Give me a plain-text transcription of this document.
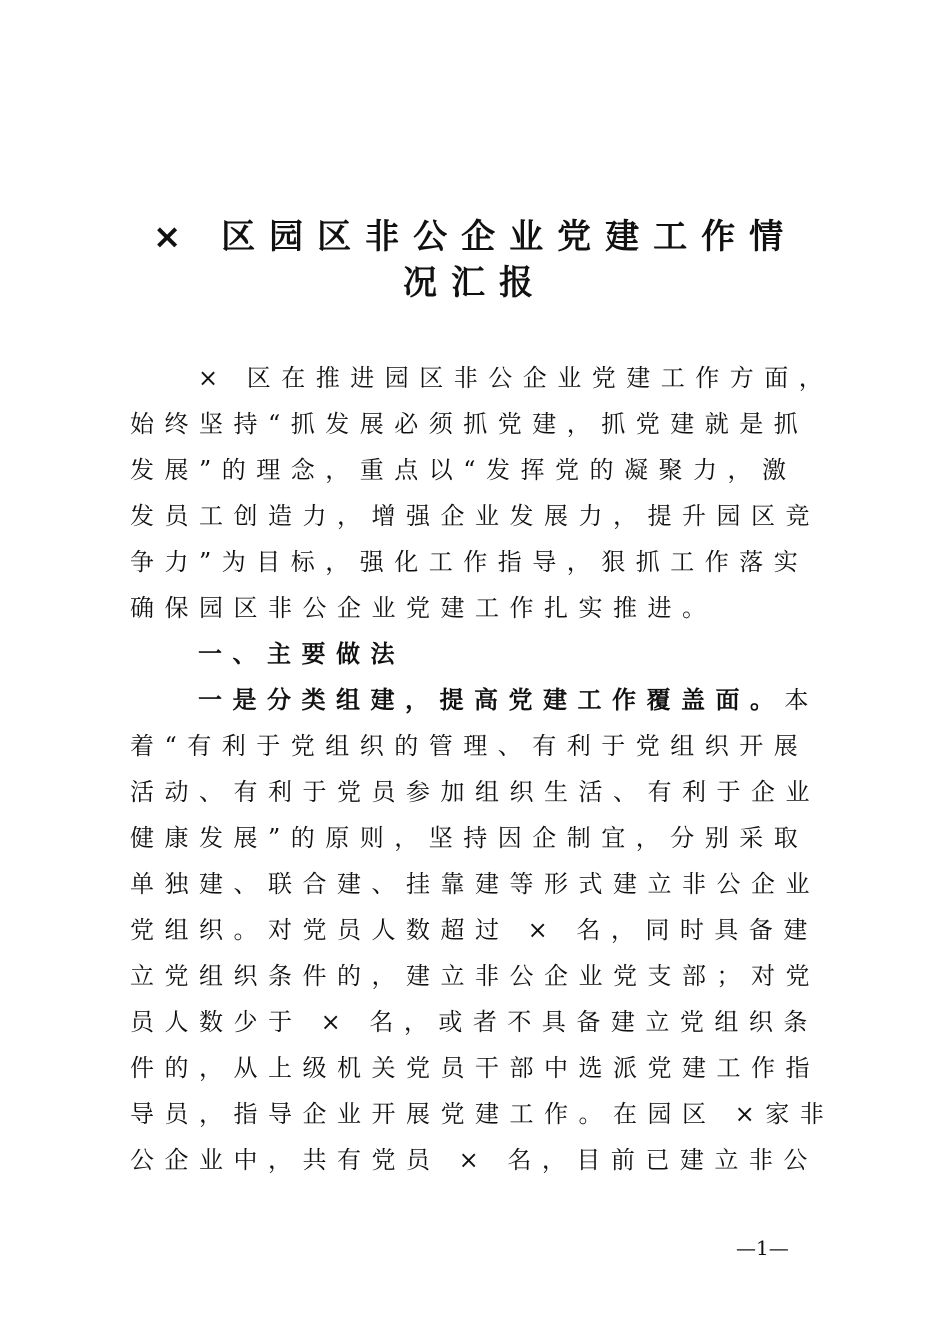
× 区园区非公企业党建工作情
况汇报
× 区在推进园区非公企业党建工作方面，
始终坚持“抓发展必须抓党建，抓党建就是抓
发展”的理念，重点以“发挥党的凝聚力，激
发员工创造力，增强企业发展力，提升园区竞
争力”为目标，强化工作指导，狠抓工作落实
确保园区非公企业党建工作扎实推进。
一、主要做法
一是分类组建，提高党建工作覆盖面。本
着“有利于党组织的管理、有利于党组织开展
活动、有利于党员参加组织生活、有利于企业
健康发展”的原则，坚持因企制宜，分别采取
单独建、联合建、挂靠建等形式建立非公企业
党组织。对党员人数超过 × 名，同时具备建
立党组织条件的，建立非公企业党支部；对党
员人数少于 × 名，或者不具备建立党组织条
件的，从上级机关党员干部中选派党建工作指
导员，指导企业开展党建工作。在园区 ×家非
公企业中，共有党员 × 名，目前已建立非公
—1—
